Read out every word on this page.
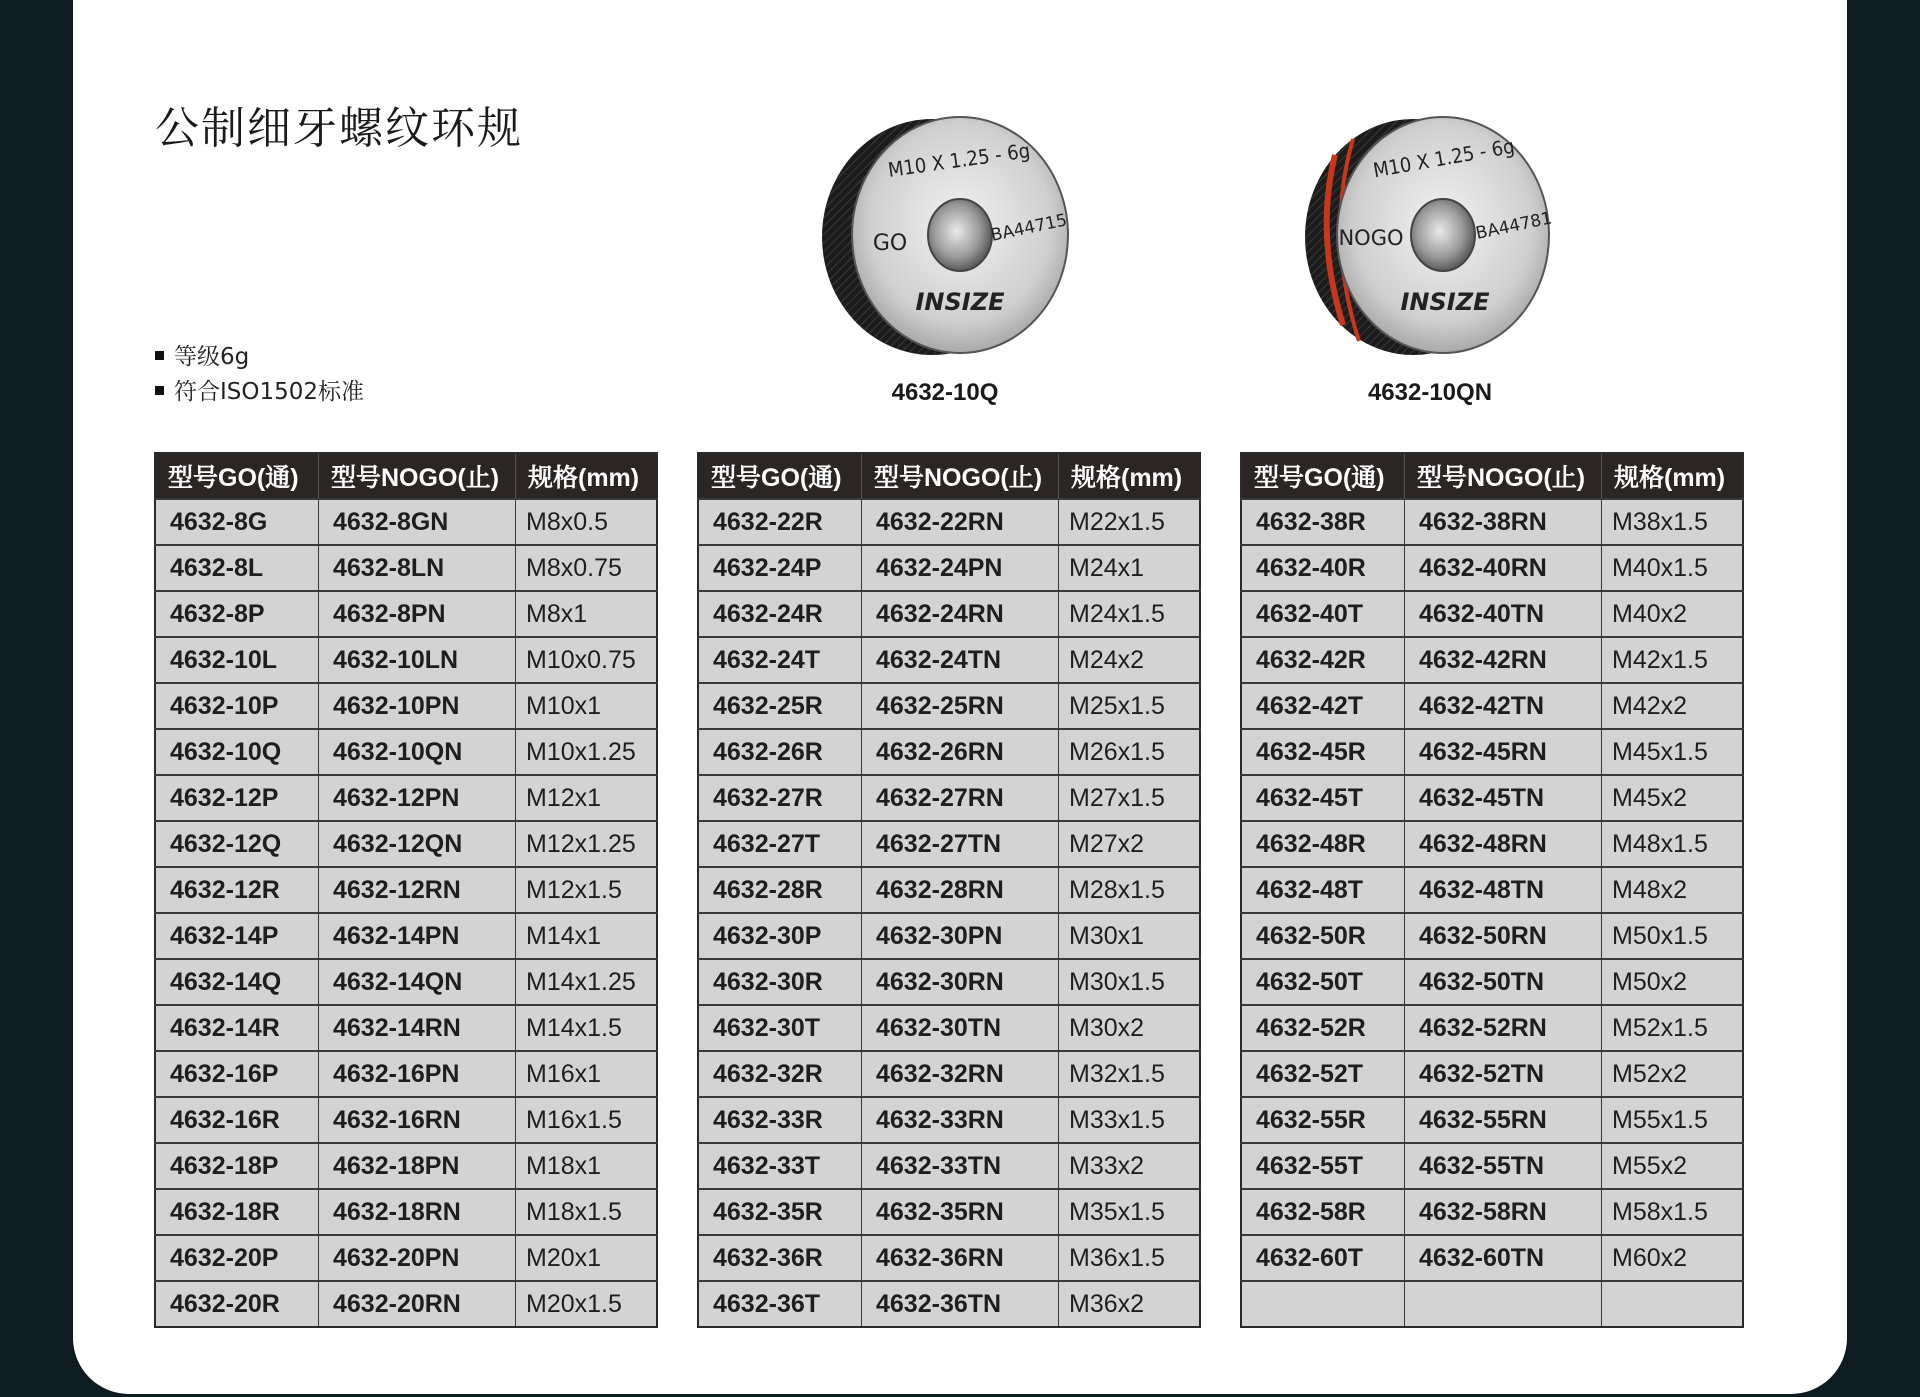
公制细牙螺纹环规
等级6g
符合ISO1502标准
M10 X 1.25 - 6g
GO	BA44715
INSIZE
4632-10Q
M10 X 1.25 - 6g
NOGO	BA44781
INSIZE
4632-10QN
型号GO(通)	型号NOGO(止)	规格(mm)
4632-8G	4632-8GN	M8x0.5
4632-8L	4632-8LN	M8x0.75
4632-8P	4632-8PN	M8x1
4632-10L	4632-10LN	M10x0.75
4632-10P	4632-10PN	M10x1
4632-10Q	4632-10QN	M10x1.25
4632-12P	4632-12PN	M12x1
4632-12Q	4632-12QN	M12x1.25
4632-12R	4632-12RN	M12x1.5
4632-14P	4632-14PN	M14x1
4632-14Q	4632-14QN	M14x1.25
4632-14R	4632-14RN	M14x1.5
4632-16P	4632-16PN	M16x1
4632-16R	4632-16RN	M16x1.5
4632-18P	4632-18PN	M18x1
4632-18R	4632-18RN	M18x1.5
4632-20P	4632-20PN	M20x1
4632-20R	4632-20RN	M20x1.5
型号GO(通)	型号NOGO(止)	规格(mm)
4632-22R	4632-22RN	M22x1.5
4632-24P	4632-24PN	M24x1
4632-24R	4632-24RN	M24x1.5
4632-24T	4632-24TN	M24x2
4632-25R	4632-25RN	M25x1.5
4632-26R	4632-26RN	M26x1.5
4632-27R	4632-27RN	M27x1.5
4632-27T	4632-27TN	M27x2
4632-28R	4632-28RN	M28x1.5
4632-30P	4632-30PN	M30x1
4632-30R	4632-30RN	M30x1.5
4632-30T	4632-30TN	M30x2
4632-32R	4632-32RN	M32x1.5
4632-33R	4632-33RN	M33x1.5
4632-33T	4632-33TN	M33x2
4632-35R	4632-35RN	M35x1.5
4632-36R	4632-36RN	M36x1.5
4632-36T	4632-36TN	M36x2
型号GO(通)	型号NOGO(止)	规格(mm)
4632-38R	4632-38RN	M38x1.5
4632-40R	4632-40RN	M40x1.5
4632-40T	4632-40TN	M40x2
4632-42R	4632-42RN	M42x1.5
4632-42T	4632-42TN	M42x2
4632-45R	4632-45RN	M45x1.5
4632-45T	4632-45TN	M45x2
4632-48R	4632-48RN	M48x1.5
4632-48T	4632-48TN	M48x2
4632-50R	4632-50RN	M50x1.5
4632-50T	4632-50TN	M50x2
4632-52R	4632-52RN	M52x1.5
4632-52T	4632-52TN	M52x2
4632-55R	4632-55RN	M55x1.5
4632-55T	4632-55TN	M55x2
4632-58R	4632-58RN	M58x1.5
4632-60T	4632-60TN	M60x2
